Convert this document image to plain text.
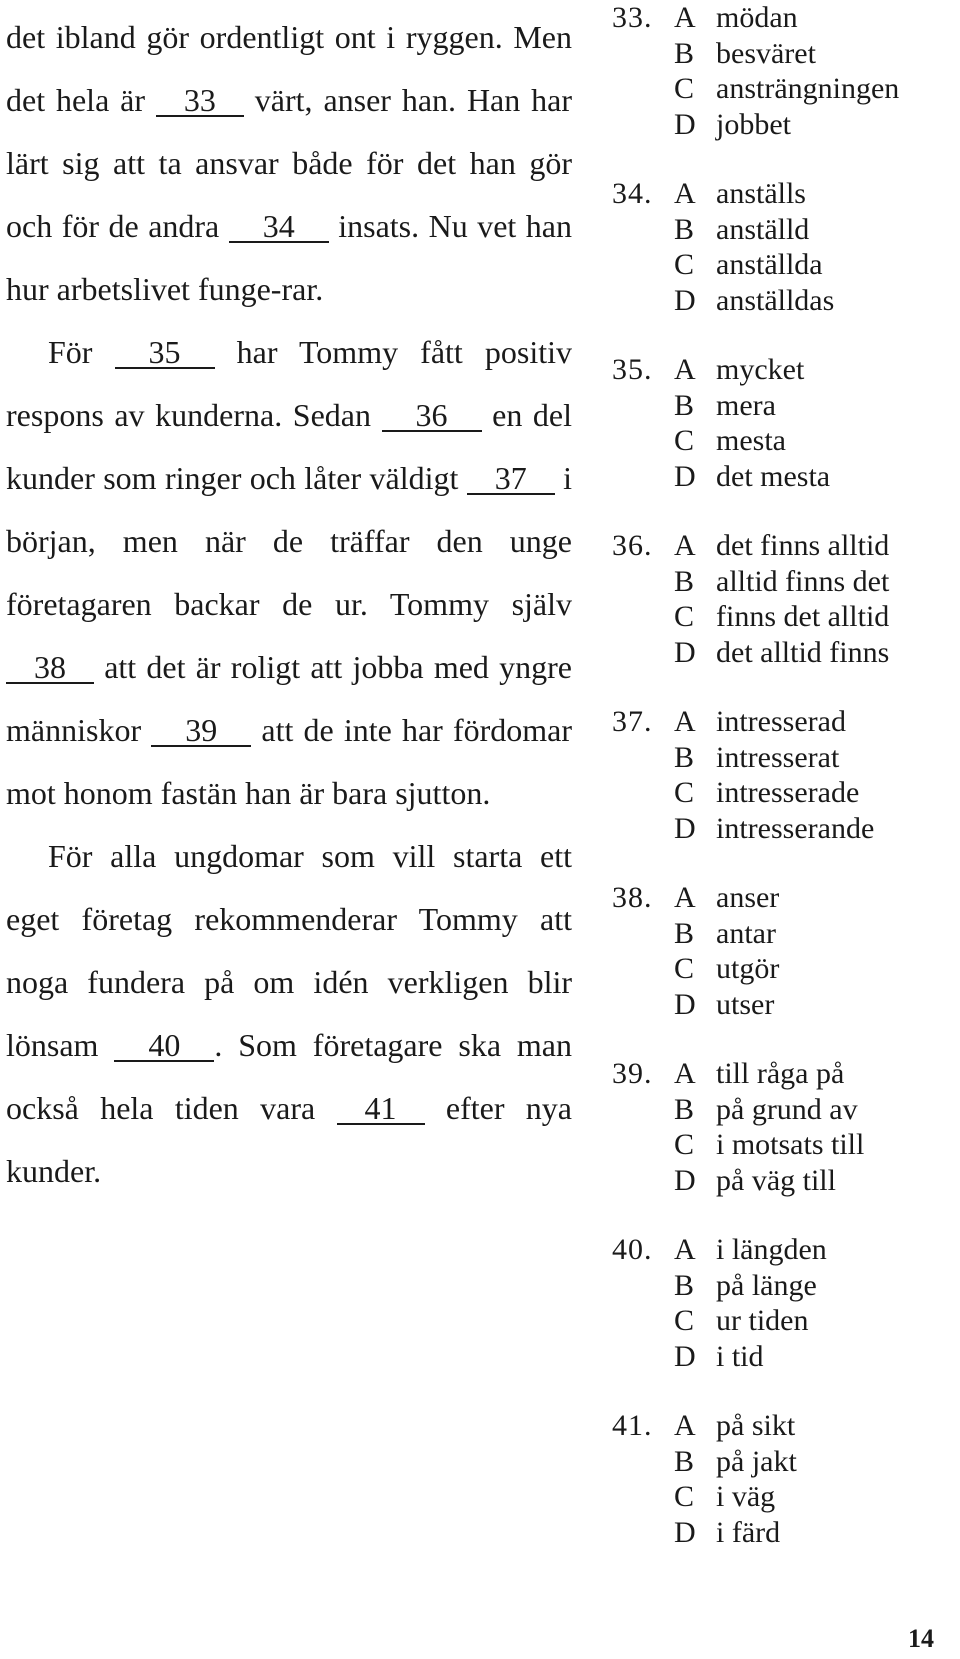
det ibland gör ordentligt ont i ryggen. Men det hela är 33 värt, anser han. Han har lärt sig att ta ansvar både för det han gör och för de andra 34 insats. Nu vet han hur arbetslivet funge-rar.

För 35 har Tommy fått positiv respons av kunderna. Sedan 36 en del kunder som ringer och låter väldigt 37 i början, men när de träffar den unge företagaren backar de ur. Tommy själv 38 att det är roligt att jobba med yngre människor 39 att de inte har fördomar mot honom fastän han är bara sjutton.

För alla ungdomar som vill starta ett eget företag rekommenderar Tommy att noga fundera på om idén verkligen blir lönsam 40 . Som företagare ska man också hela tiden vara 41 efter nya kunder.

33. A mödan
B besväret
C ansträngningen
D jobbet
34. A anställs
B anställd
C anställda
D anställdas
35. A mycket
B mera
C mesta
D det mesta
36. A det finns alltid
B alltid finns det
C finns det alltid
D det alltid finns
37. A intresserad
B intresserat
C intresserade
D intresserande
38. A anser
B antar
C utgör
D utser
39. A till råga på
B på grund av
C i motsats till
D på väg till
40. A i längden
B på länge
C ur tiden
D i tid
41. A på sikt
B på jakt
C i väg
D i färd
14
